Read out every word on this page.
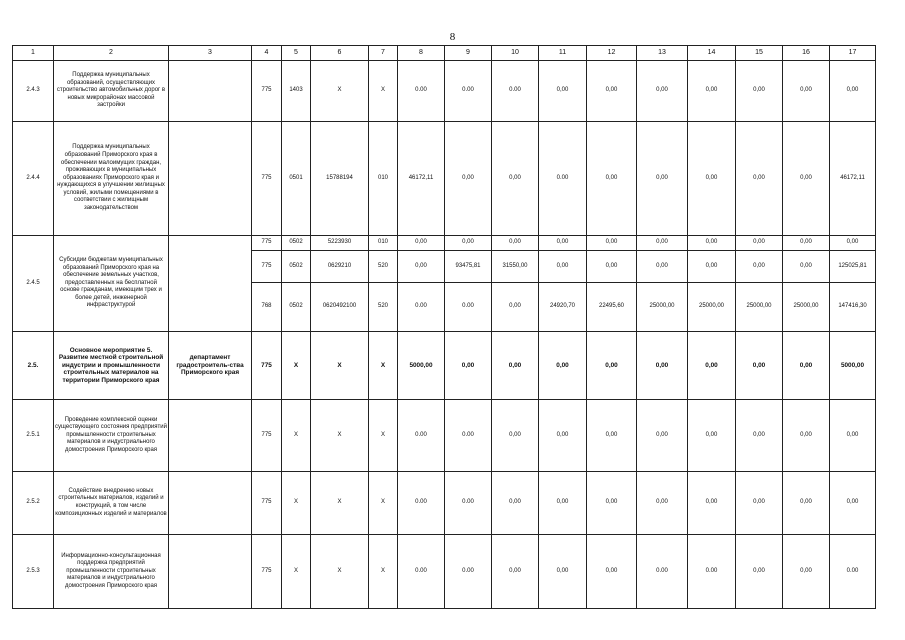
8
1	2	3	4	5	6	7	8	9	10	11	12	13	14	15	16	17
2.4.3	Поддержка муниципальных образований, осуществляющих строительство автомобильных дорог в новых микрорайонах массовой застройки		775	1403	X	X	0.00	0.00	0.00	0,00	0,00	0,00	0,00	0,00	0,00	0,00
2.4.4	Поддержка муниципальных образований Приморского края в обеспечении малоимущих граждан, проживающих в муниципальных образованиях Приморского края и нуждающихся в улучшении жилищных условий, жилыми помещениями в соответствии с жилищным законодательством		775	0501	15788194	010	46172,11	0,00	0,00	0.00	0,00	0,00	0,00	0,00	0,00	46172,11
2.4.5	Субсидии бюджетам муниципальных образований Приморского края на обеспечение земельных участков, предоставленных на бесплатной основе гражданам, имеющим трех и более детей, инженерной инфраструктурой		775	0502	5223930	010	0,00	0,00	0,00	0,00	0,00	0,00	0,00	0,00	0,00	0,00
			775	0502	0629210	520	0,00	93475,81	31550,00	0,00	0,00	0,00	0,00	0,00	0,00	125025,81
			768	0502	0620492100	520	0.00	0.00	0,00	24920,70	22495,60	25000,00	25000,00	25000,00	25000,00	147416,30
2.5.	Основное мероприятие 5. Развитие местной строительной индустрии и промышленности строительных материалов на территории Приморского края	департамент градостроитель-ства Приморского края	775	X	X	X	5000,00	0,00	0,00	0,00	0,00	0,00	0,00	0,00	0,00	5000,00
2.5.1	Проведение комплексной оценки существующего состояния предприятий промышленности строительных материалов и индустриального домостроения Приморского края		775	X	X	X	0.00	0.00	0,00	0,00	0,00	0,00	0,00	0,00	0,00	0,00
2.5.2	Содействие внедрению новых строительных материалов, изделий и конструкций, в том числе композиционных изделий и материалов		775	X	X	X	0.00	0.00	0,00	0,00	0,00	0,00	0,00	0,00	0,00	0,00
2.5.3	Информационно-консультационная поддержка предприятий промышленности строительных материалов и индустриального домостроения Приморского края		775	X	X	X	0.00	0.00	0,00	0,00	0,00	0.00	0.00	0,00	0,00	0.00
